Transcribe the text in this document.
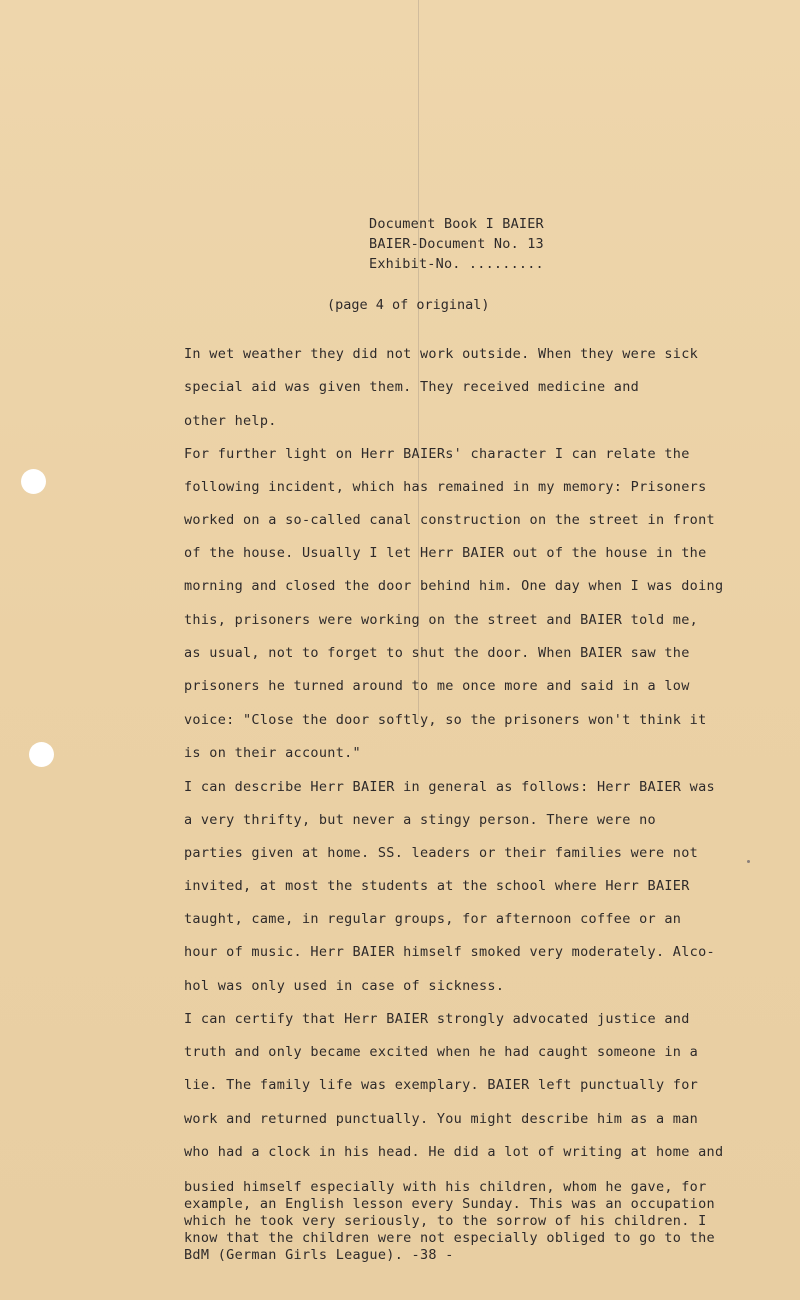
Document Book I BAIER
BAIER-Document No. 13
Exhibit-No. .........
(page 4 of original)
In wet weather they did not work outside. When they were sick
special aid was given them. They received medicine and
other help.
For further light on Herr BAIERs' character I can relate the
following incident, which has remained in my memory: Prisoners
worked on a so-called canal construction on the street in front
of the house. Usually I let Herr BAIER out of the house in the
morning and closed the door behind him. One day when I was doing
this, prisoners were working on the street and BAIER told me,
as usual, not to forget to shut the door. When BAIER saw the
prisoners he turned around to me once more and said in a low
voice: "Close the door softly, so the prisoners won't think it
is on their account."
I can describe Herr BAIER in general as follows: Herr BAIER was
a very thrifty, but never a stingy person. There were no
parties given at home. SS. leaders or their families were not
invited, at most the students at the school where Herr BAIER
taught, came, in regular groups, for afternoon coffee or an
hour of music. Herr BAIER himself smoked very moderately. Alco-
hol was only used in case of sickness.
I can certify that Herr BAIER strongly advocated justice and
truth and only became excited when he had caught someone in a
lie. The family life was exemplary. BAIER left punctually for
work and returned punctually. You might describe him as a man
who had a clock in his head. He did a lot of writing at home and
busied himself especially with his children, whom he gave, for
example, an English lesson every Sunday. This was an occupation
which he took very seriously, to the sorrow of his children. I
know that the children were not especially obliged to go to the
BdM (German Girls League). -38 -
